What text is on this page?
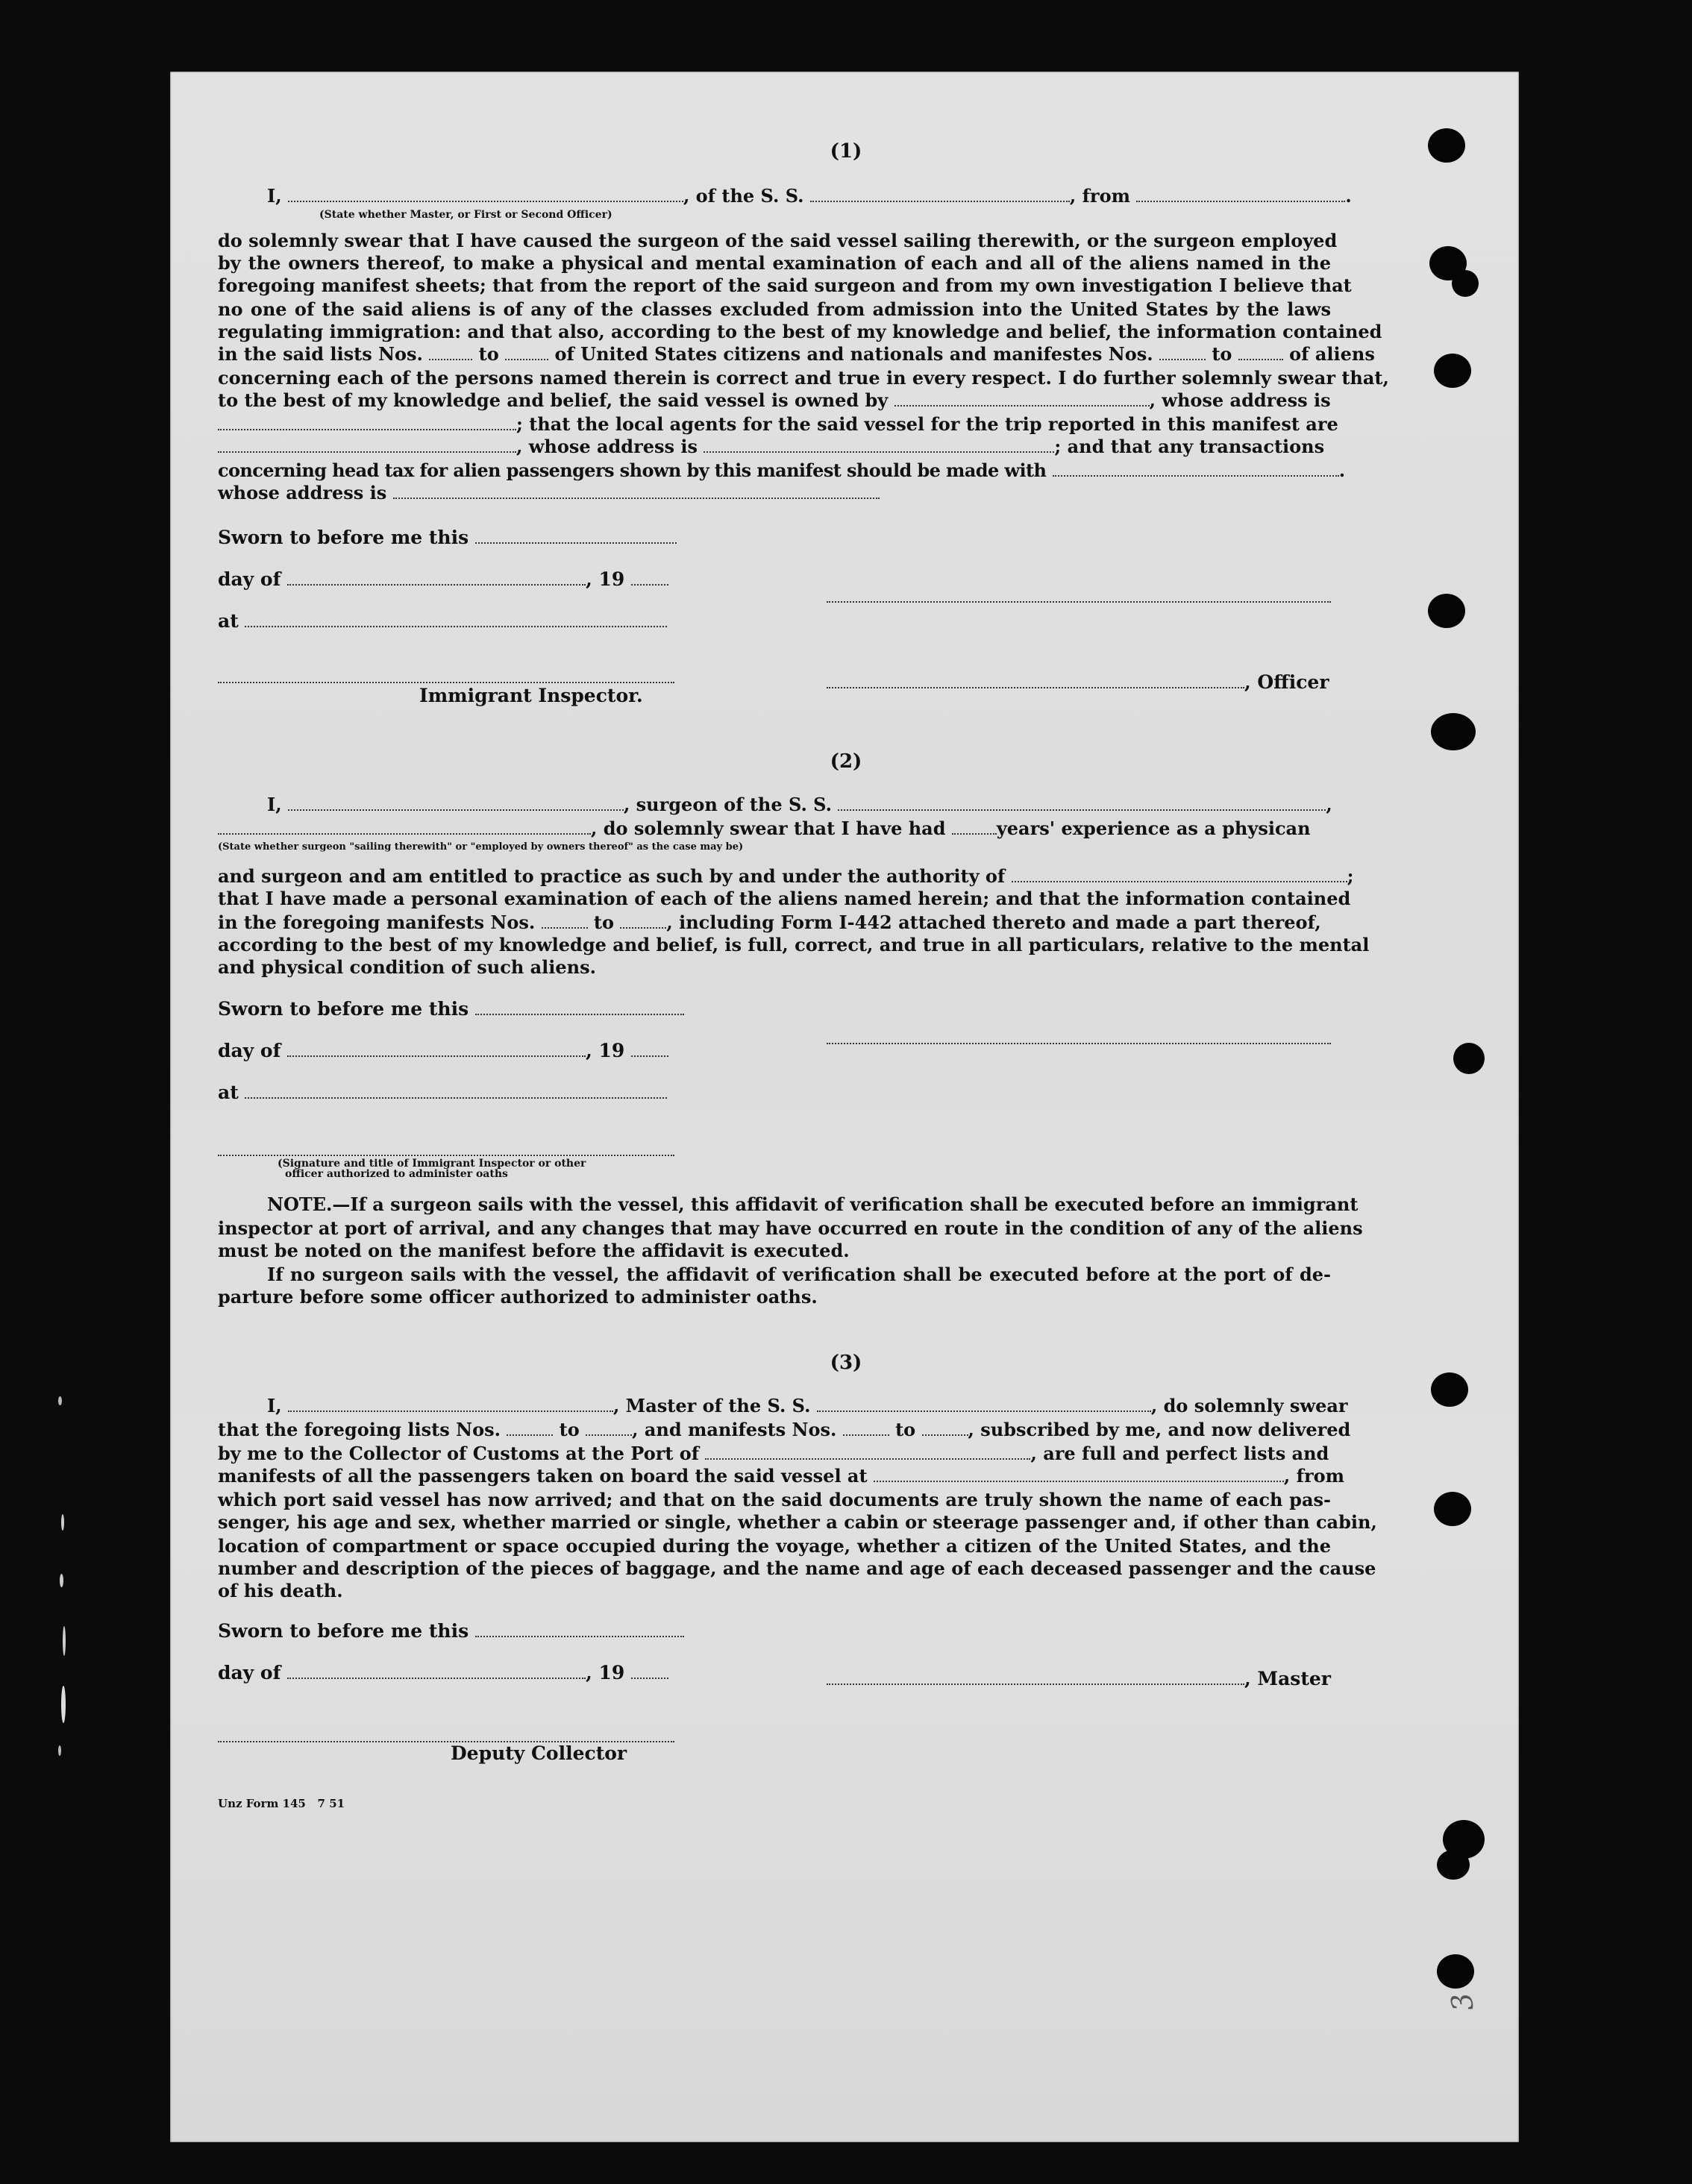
3
(1)
I,	, of the S. S.	, from	.
(State whether Master, or First or Second Officer)
do solemnly swear that I have caused the surgeon of the said vessel sailing therewith, or the surgeon employed
by the owners thereof, to make a physical and mental examination of each and all of the aliens named in the
foregoing manifest sheets; that from the report of the said surgeon and from my own investigation I believe that
no one of the said aliens is of any of the classes excluded from admission into the United States by the laws
regulating immigration: and that also, according to the best of my knowledge and belief, the information contained
in the said lists Nos.	to	of United States citizens and nationals and manifestes Nos.	to	of aliens
concerning each of the persons named therein is correct and true in every respect. I do further solemnly swear that,
to the best of my knowledge and belief, the said vessel is owned by	, whose address is
; that the local agents for the said vessel for the trip reported in this manifest are
, whose address is	; and that any transactions
concerning head tax for alien passengers shown by this manifest should be made with	.
whose address is
Sworn to before me this
day of	, 19
at
, Officer
Immigrant Inspector.
(2)
I,	, surgeon of the S. S.	,
, do solemnly swear that I have had	years' experience as a physican
(State whether surgeon "sailing therewith" or "employed by owners thereof" as the case may be)
and surgeon and am entitled to practice as such by and under the authority of	;
that I have made a personal examination of each of the aliens named herein; and that the information contained
in the foregoing manifests Nos.	to	, including Form I-442 attached thereto and made a part thereof,
according to the best of my knowledge and belief, is full, correct, and true in all particulars, relative to the mental
and physical condition of such aliens.
Sworn to before me this
day of	, 19
at
(Signature and title of Immigrant Inspector or other
officer authorized to administer oaths
NOTE.—If a surgeon sails with the vessel, this affidavit of verification shall be executed before an immigrant
inspector at port of arrival, and any changes that may have occurred en route in the condition of any of the aliens
must be noted on the manifest before the affidavit is executed.
If no surgeon sails with the vessel, the affidavit of verification shall be executed before at the port of de-
parture before some officer authorized to administer oaths.
(3)
I,	, Master of the S. S.	, do solemnly swear
that the foregoing lists Nos.	to	, and manifests Nos.	to	, subscribed by me, and now delivered
by me to the Collector of Customs at the Port of	, are full and perfect lists and
manifests of all the passengers taken on board the said vessel at	, from
which port said vessel has now arrived; and that on the said documents are truly shown the name of each pas-
senger, his age and sex, whether married or single, whether a cabin or steerage passenger and, if other than cabin,
location of compartment or space occupied during the voyage, whether a citizen of the United States, and the
number and description of the pieces of baggage, and the name and age of each deceased passenger and the cause
of his death.
Sworn to before me this
day of	, 19	, Master
Deputy Collector
Unz Form 145   7 51
